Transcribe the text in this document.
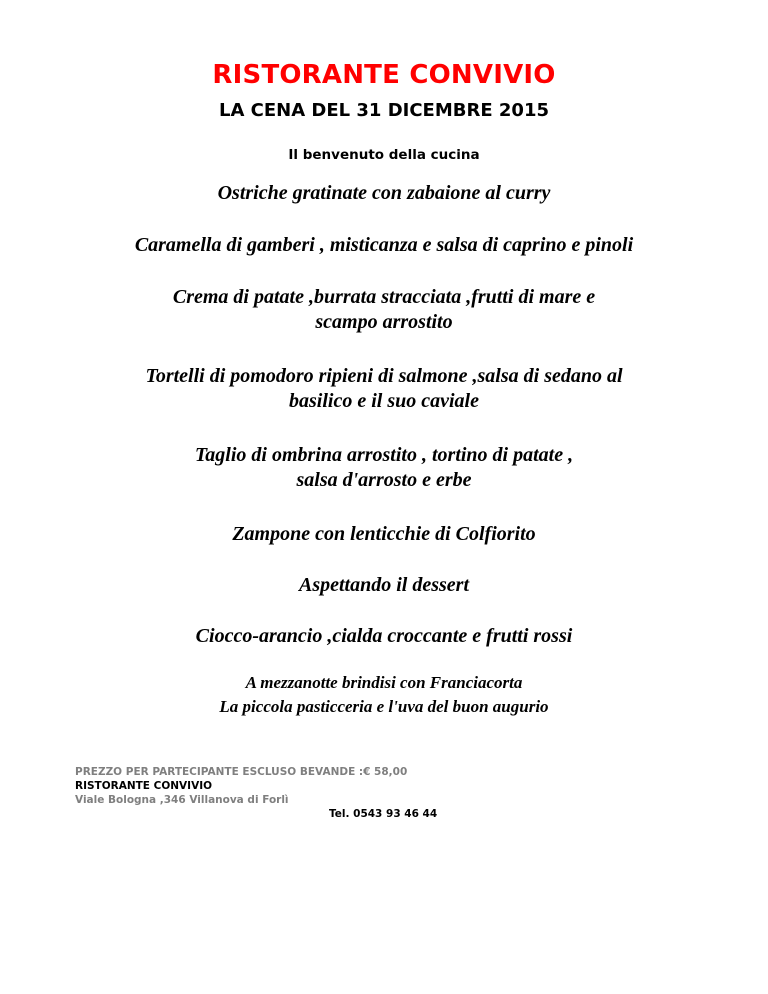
RISTORANTE CONVIVIO
LA CENA DEL 31 DICEMBRE 2015
Il benvenuto della cucina
Ostriche gratinate con zabaione al curry
Caramella di gamberi , misticanza e salsa di caprino e pinoli
Crema di patate ,burrata stracciata ,frutti di mare e
scampo arrostito
Tortelli di pomodoro ripieni di salmone ,salsa di sedano al
basilico e il suo caviale
Taglio di ombrina arrostito , tortino di patate ,
salsa d'arrosto e erbe
Zampone con lenticchie di Colfiorito
Aspettando il dessert
Ciocco-arancio ,cialda croccante e frutti rossi
A mezzanotte brindisi con Franciacorta
La piccola pasticceria e l'uva del buon augurio
PREZZO PER PARTECIPANTE ESCLUSO BEVANDE :€ 58,00
RISTORANTE CONVIVIO
Viale Bologna ,346 Villanova di Forlì
Tel. 0543 93 46 44
